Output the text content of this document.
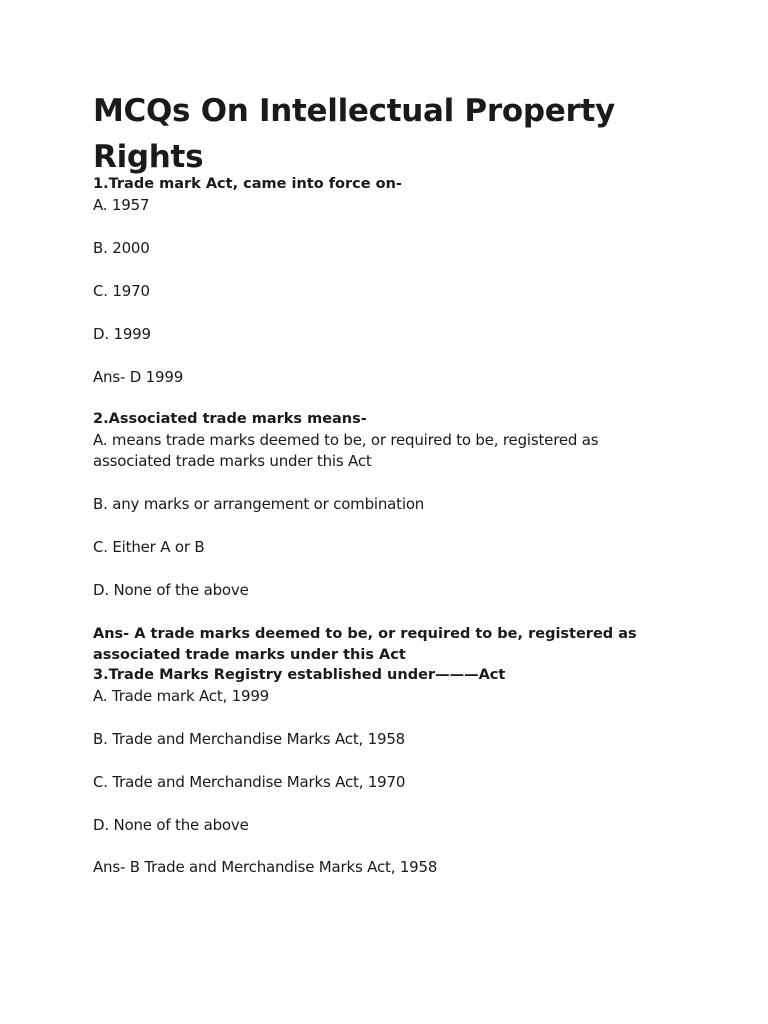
MCQs On Intellectual Property
Rights
1.Trade mark Act, came into force on-
A. 1957
B. 2000
C. 1970
D. 1999
Ans- D 1999
2.Associated trade marks means-
A. means trade marks deemed to be, or required to be, registered as
associated trade marks under this Act
B. any marks or arrangement or combination
C. Either A or B
D. None of the above
Ans- A trade marks deemed to be, or required to be, registered as
associated trade marks under this Act
3.Trade Marks Registry established under———Act
A. Trade mark Act, 1999
B. Trade and Merchandise Marks Act, 1958
C. Trade and Merchandise Marks Act, 1970
D. None of the above
Ans- B Trade and Merchandise Marks Act, 1958
